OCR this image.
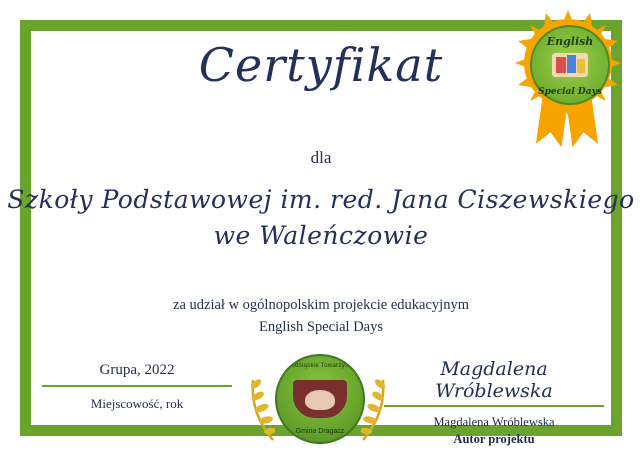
Certyfikat
dla
Szkoły Podstawowej im. red. Jana Ciszewskiego
we Waleńczowie
za udział w ogólnopolskim projekcie edukacyjnym
English Special Days
Grupa, 2022
Miejscowość, rok
Magdalena Wróblewska
Magdalena Wróblewska
Autor projektu
Przedśląskie Towarzystwo
Gmina Dragacz
English
Special Days
